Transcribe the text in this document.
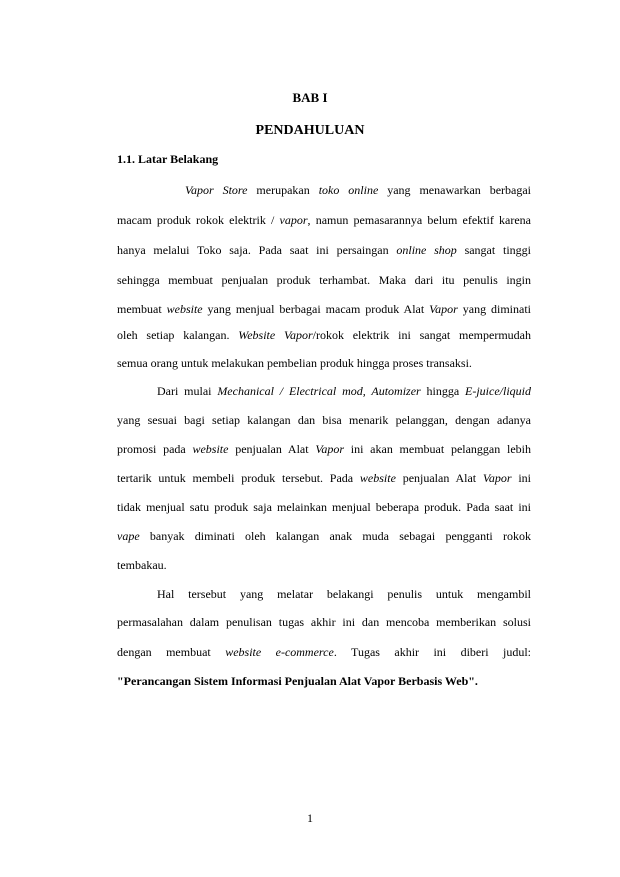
BAB I
PENDAHULUAN
1.1. Latar Belakang
Vapor Store merupakan toko online yang menawarkan berbagai
macam produk rokok elektrik / vapor, namun pemasarannya belum efektif karena
hanya melalui Toko saja. Pada saat ini persaingan online shop sangat tinggi
sehingga membuat penjualan produk terhambat. Maka dari itu penulis ingin
membuat website yang menjual berbagai macam produk Alat Vapor yang diminati
oleh setiap kalangan. Website Vapor/rokok elektrik ini sangat mempermudah
semua orang untuk melakukan pembelian produk hingga proses transaksi.
Dari mulai Mechanical / Electrical mod, Automizer hingga E-juice/liquid
yang sesuai bagi setiap kalangan dan bisa menarik pelanggan, dengan adanya
promosi pada website penjualan Alat Vapor ini akan membuat pelanggan lebih
tertarik untuk membeli produk tersebut. Pada website penjualan Alat Vapor ini
tidak menjual satu produk saja melainkan menjual beberapa produk. Pada saat ini
vape banyak diminati oleh kalangan anak muda sebagai pengganti rokok
tembakau.
Hal tersebut yang melatar belakangi penulis untuk mengambil
permasalahan dalam penulisan tugas akhir ini dan mencoba memberikan solusi
dengan membuat website e-commerce. Tugas akhir ini diberi judul:
"Perancangan Sistem Informasi Penjualan Alat Vapor Berbasis Web".
1
